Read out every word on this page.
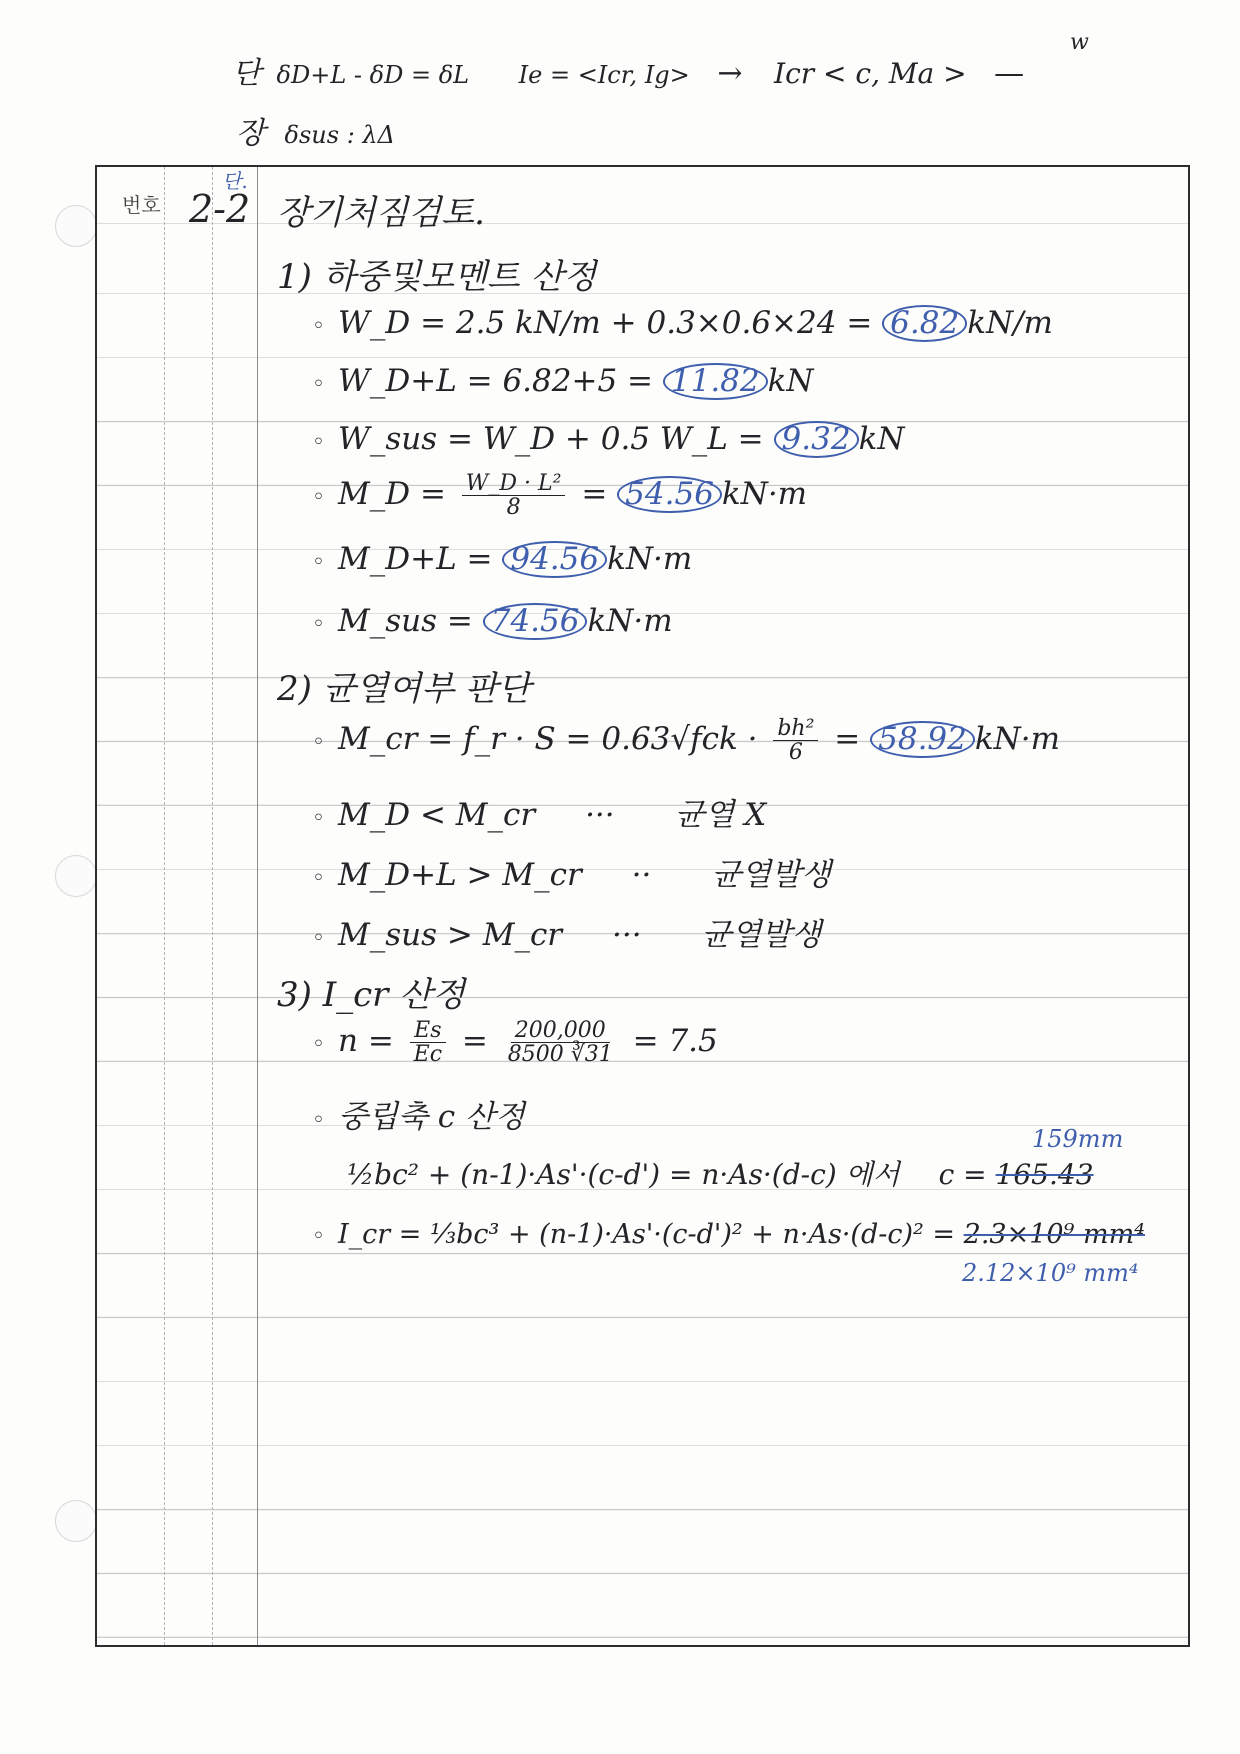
단 δD+L - δD = δL Ie = <Icr, Ig> → Icr < c, Ma > —
w
장 δsus : λΔ
번호 2-2
단.
장기처짐검토.
1) 하중및모멘트 산정
◦ W_D = 2.5 kN/m + 0.3×0.6×24 = 6.82 kN/m
◦ W_D+L = 6.82+5 = 11.82 kN
◦ W_sus = W_D + 0.5 W_L = 9.32 kN
◦ M_D = $\frac{\text{W\_D · L²}}{8} = 54.56$ kN·m
◦ M_D+L = 94.56 kN·m
◦ M_sus = 74.56 kN·m
2) 균열여부 판단
◦ M_cr = f_r · $S = 0.63√fck \cdot \frac{\text{bh²}}{6} = 58.92$ kN·m
◦ M_D < M_cr ··· 균열 X
◦ M_D+L > M_cr ·· 균열발생
◦ M_sus > M_cr ··· 균열발생
3) I_cr 산정
◦ $n = \frac{Es}{Ec} = \frac{200,000}{8500 ∛31} = 7.5$
◦ 중립축 c 산정
½bc² + (n-1)·As'·(c-d') = n·As·(d-c) 에서 c = 165.43
159mm
◦ I_cr = ⅓bc³ + (n-1)·As'·(c-d')² + n·As·(d-c)² = 2.3×10⁹ mm⁴
2.12×10⁹ mm⁴
